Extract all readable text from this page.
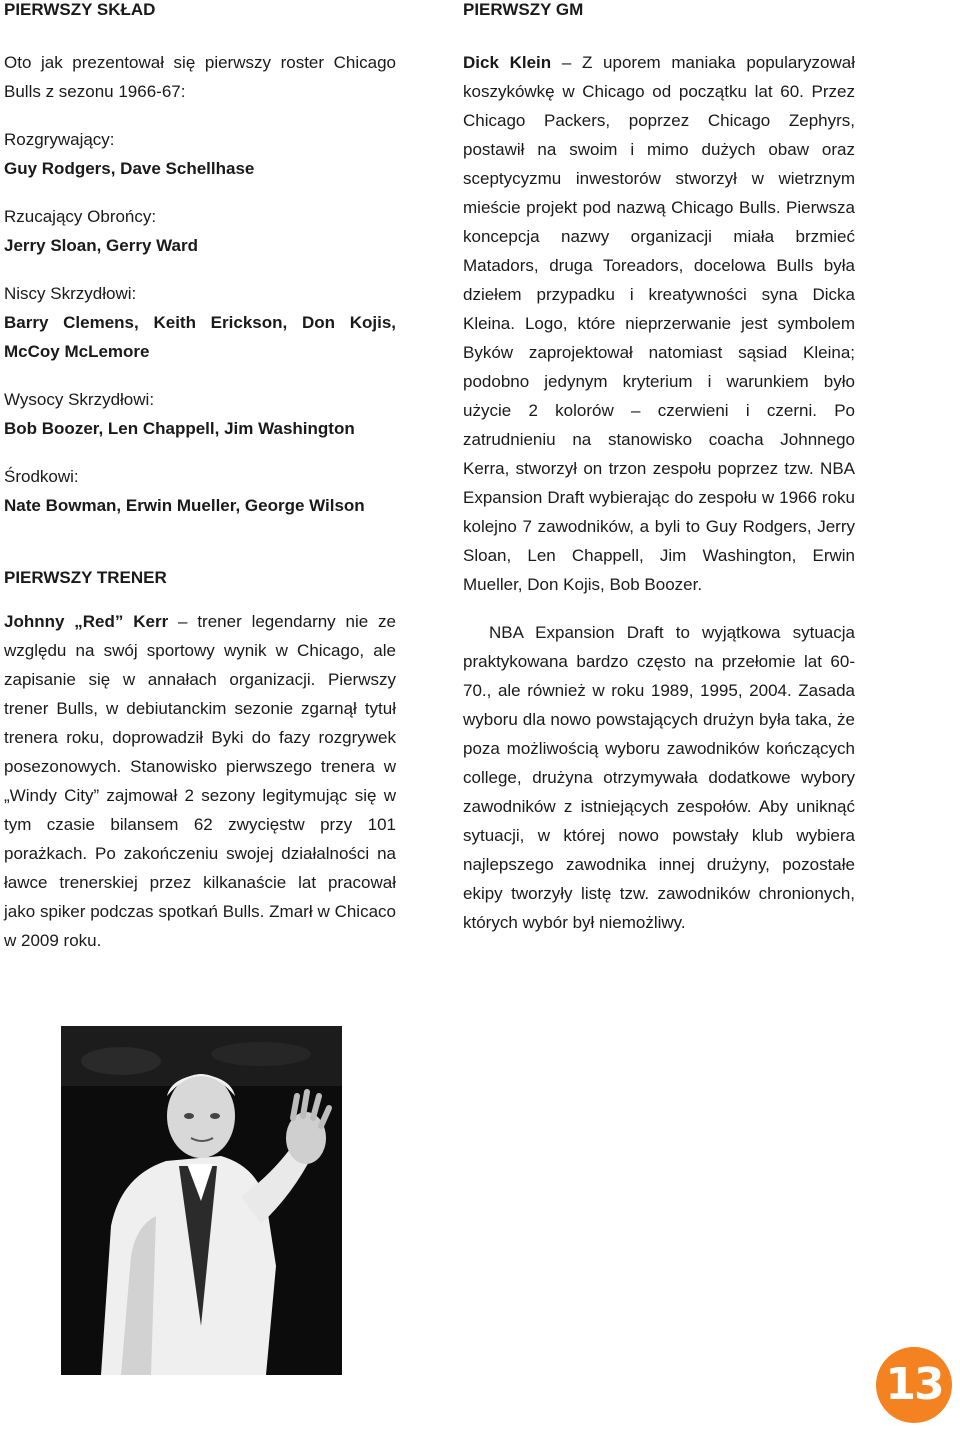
PIERWSZY SKŁAD

Oto jak prezentował się pierwszy roster Chicago Bulls z sezonu 1966-67:

Rozgrywający:

Guy Rodgers, Dave Schellhase

Rzucający Obrońcy:

Jerry Sloan, Gerry Ward

Niscy Skrzydłowi:

Barry Clemens, Keith Erickson, Don Kojis, McCoy McLemore

Wysocy Skrzydłowi:

Bob Boozer, Len Chappell, Jim Washington

Środkowi:

Nate Bowman, Erwin Mueller, George Wilson

PIERWSZY TRENER

Johnny „Red” Kerr – trener legendarny nie ze względu na swój sportowy wynik w Chicago, ale zapisanie się w annałach organizacji. Pierwszy trener Bulls, w debiutanckim sezonie zgarnął tytuł trenera roku, doprowadził Byki do fazy rozgrywek posezonowych. Stanowisko pierwszego trenera w „Windy City” zajmował 2 sezony legitymując się w tym czasie bilansem 62 zwycięstw przy 101 porażkach. Po zakończeniu swojej działalności na ławce trenerskiej przez kilkanaście lat pracował jako spiker podczas spotkań Bulls. Zmarł w Chicaco w 2009 roku.

PIERWSZY GM

Dick Klein – Z uporem maniaka popularyzował koszykówkę w Chicago od początku lat 60. Przez Chicago Packers, poprzez Chicago Zephyrs, postawił na swoim i mimo dużych obaw oraz sceptycyzmu inwestorów stworzył w wietrznym mieście projekt pod nazwą Chicago Bulls. Pierwsza koncepcja nazwy organizacji miała brzmieć Matadors, druga Toreadors, docelowa Bulls była dziełem przypadku i kreatywności syna Dicka Kleina. Logo, które nieprzerwanie jest symbolem Byków zaprojektował natomiast sąsiad Kleina; podobno jedynym kryterium i warunkiem było użycie 2 kolorów – czerwieni i czerni. Po zatrudnieniu na stanowisko coacha Johnnego Kerra, stworzył on trzon zespołu poprzez tzw. NBA Expansion Draft wybierając do zespołu w 1966 roku kolejno 7 zawodników, a byli to Guy Rodgers, Jerry Sloan, Len Chappell, Jim Washington, Erwin Mueller, Don Kojis, Bob Boozer.

NBA Expansion Draft to wyjątkowa sytuacja praktykowana bardzo często na przełomie lat 60-70., ale również w roku 1989, 1995, 2004. Zasada wyboru dla nowo powstających drużyn była taka, że poza możliwością wyboru zawodników kończących college, drużyna otrzymywała dodatkowe wybory zawodników z istniejących zespołów. Aby uniknąć sytuacji, w której nowo powstały klub wybiera najlepszego zawodnika innej drużyny, pozostałe ekipy tworzyły listę tzw. zawodników chronionych, których wybór był niemożliwy.

13
